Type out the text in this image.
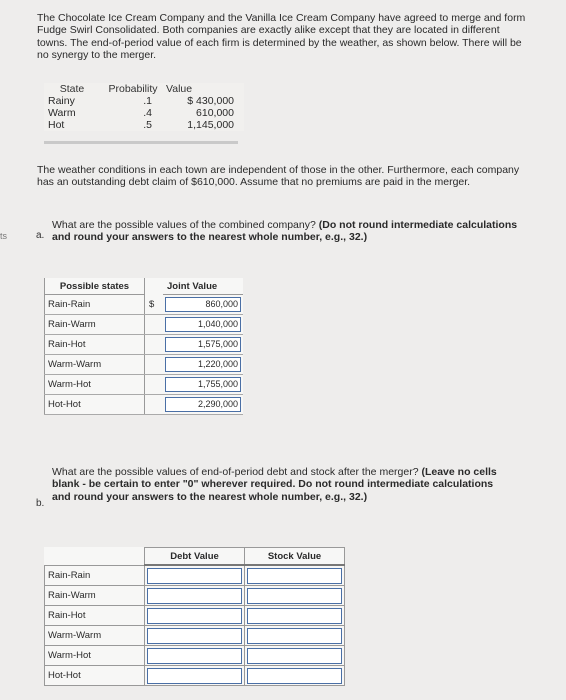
The Chocolate Ice Cream Company and the Vanilla Ice Cream Company have agreed to merge and form Fudge Swirl Consolidated. Both companies are exactly alike except that they are located in different towns. The end-of-period value of each firm is determined by the weather, as shown below. There will be no synergy to the merger.
State	Probability	Value
Rainy	.1	$ 430,000
Warm	.4	610,000
Hot	.5	1,145,000
The weather conditions in each town are independent of those in the other. Furthermore, each company has an outstanding debt claim of $610,000. Assume that no premiums are paid in the merger.
ts	a.
What are the possible values of the combined company? (Do not round intermediate calculations and round your answers to the nearest whole number, e.g., 32.)
Possible states		Joint Value
Rain-Rain	$	860,000

Rain-Warm		1,040,000

Rain-Hot		1,575,000

Warm-Warm		1,220,000

Warm-Hot		1,755,000

Hot-Hot		2,290,000
What are the possible values of end-of-period debt and stock after the merger? (Leave no cells blank - be certain to enter "0" wherever required. Do not round intermediate calculations and round your answers to the nearest whole number, e.g., 32.)
b.
	Debt Value	Stock Value
Rain-Rain	

Rain-Warm	

Rain-Hot	

Warm-Warm	

Warm-Hot	

Hot-Hot	
